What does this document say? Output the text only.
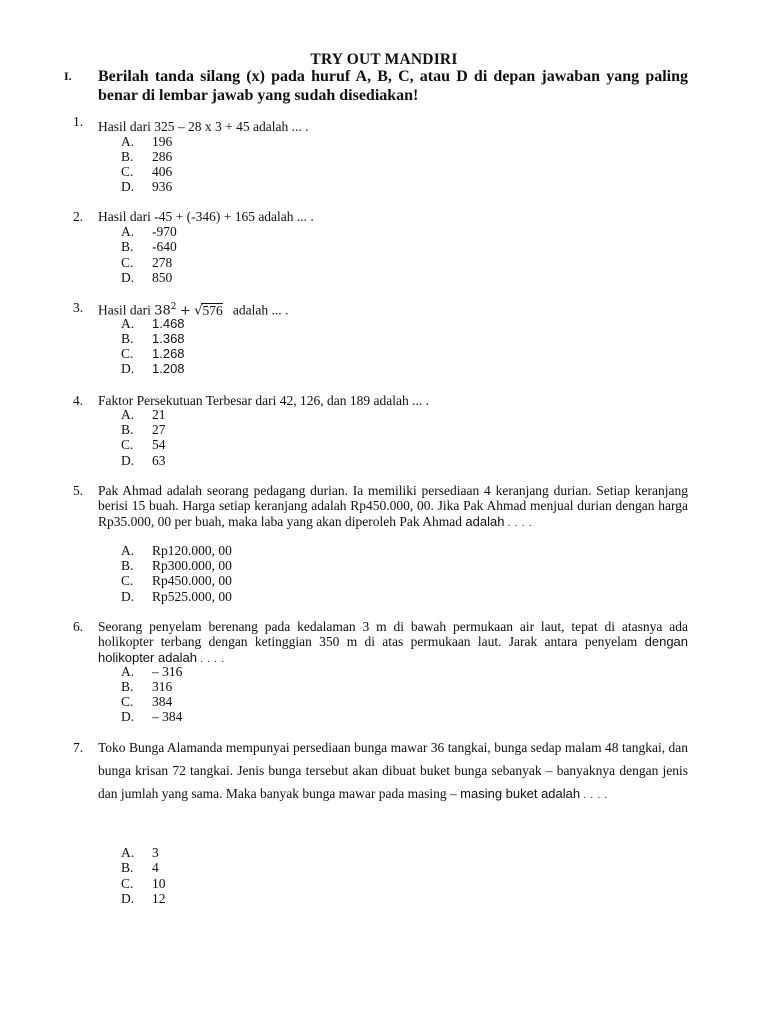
TRY OUT MANDIRI
I. Berilah tanda silang (x) pada huruf A, B, C, atau D di depan jawaban yang paling benar di lembar jawab yang sudah disediakan!
1. Hasil dari 325 – 28 x 3 + 45 adalah ... .
A. 196
B. 286
C. 406
D. 936
2. Hasil dari -45 + (-346) + 165 adalah ... .
A. -970
B. -640
C. 278
D. 850
3. Hasil dari $38^2 + √576$ adalah ... .
A. 1.468
B. 1.368
C. 1.268
D. 1.208
4. Faktor Persekutuan Terbesar dari 42, 126, dan 189 adalah ... .
A. 21
B. 27
C. 54
D. 63
5. Pak Ahmad adalah seorang pedagang durian. Ia memiliki persediaan 4 keranjang durian. Setiap keranjang berisi 15 buah. Harga setiap keranjang adalah Rp450.000, 00. Jika Pak Ahmad menjual durian dengan harga Rp35.000, 00 per buah, maka laba yang akan diperoleh Pak Ahmad adalah . . . .
A. Rp120.000, 00
B. Rp300.000, 00
C. Rp450.000, 00
D. Rp525.000, 00
6. Seorang penyelam berenang pada kedalaman 3 m di bawah permukaan air laut, tepat di atasnya ada holikopter terbang dengan ketinggian 350 m di atas permukaan laut. Jarak antara penyelam dengan holikopter adalah . . . .
A. – 316
B. 316
C. 384
D. – 384
7. Toko Bunga Alamanda mempunyai persediaan bunga mawar 36 tangkai, bunga sedap malam 48 tangkai, dan bunga krisan 72 tangkai. Jenis bunga tersebut akan dibuat buket bunga sebanyak – banyaknya dengan jenis dan jumlah yang sama. Maka banyak bunga mawar pada masing – masing buket adalah . . . .
A. 3
B. 4
C. 10
D. 12
